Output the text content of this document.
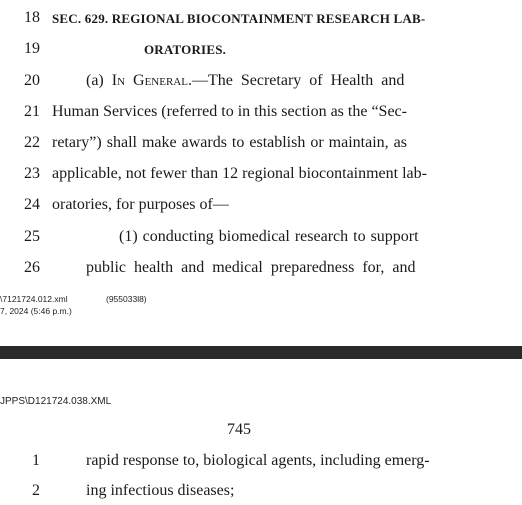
18 SEC. 629. REGIONAL BIOCONTAINMENT RESEARCH LAB-
19	ORATORIES.
20	(a) In General.—The Secretary of Health and
21 Human Services (referred to in this section as the “Sec-
22 retary”) shall make awards to establish or maintain, as
23 applicable, not fewer than 12 regional biocontainment lab-
24 oratories, for purposes of—
25	(1) conducting biomedical research to support
26	public health and medical preparedness for, and
\7121724.012.xml	(955033l8)
7, 2024 (5:46 p.m.)
JPPS\D121724.038.XML
745
1	rapid response to, biological agents, including emerg-
2	ing infectious diseases;
